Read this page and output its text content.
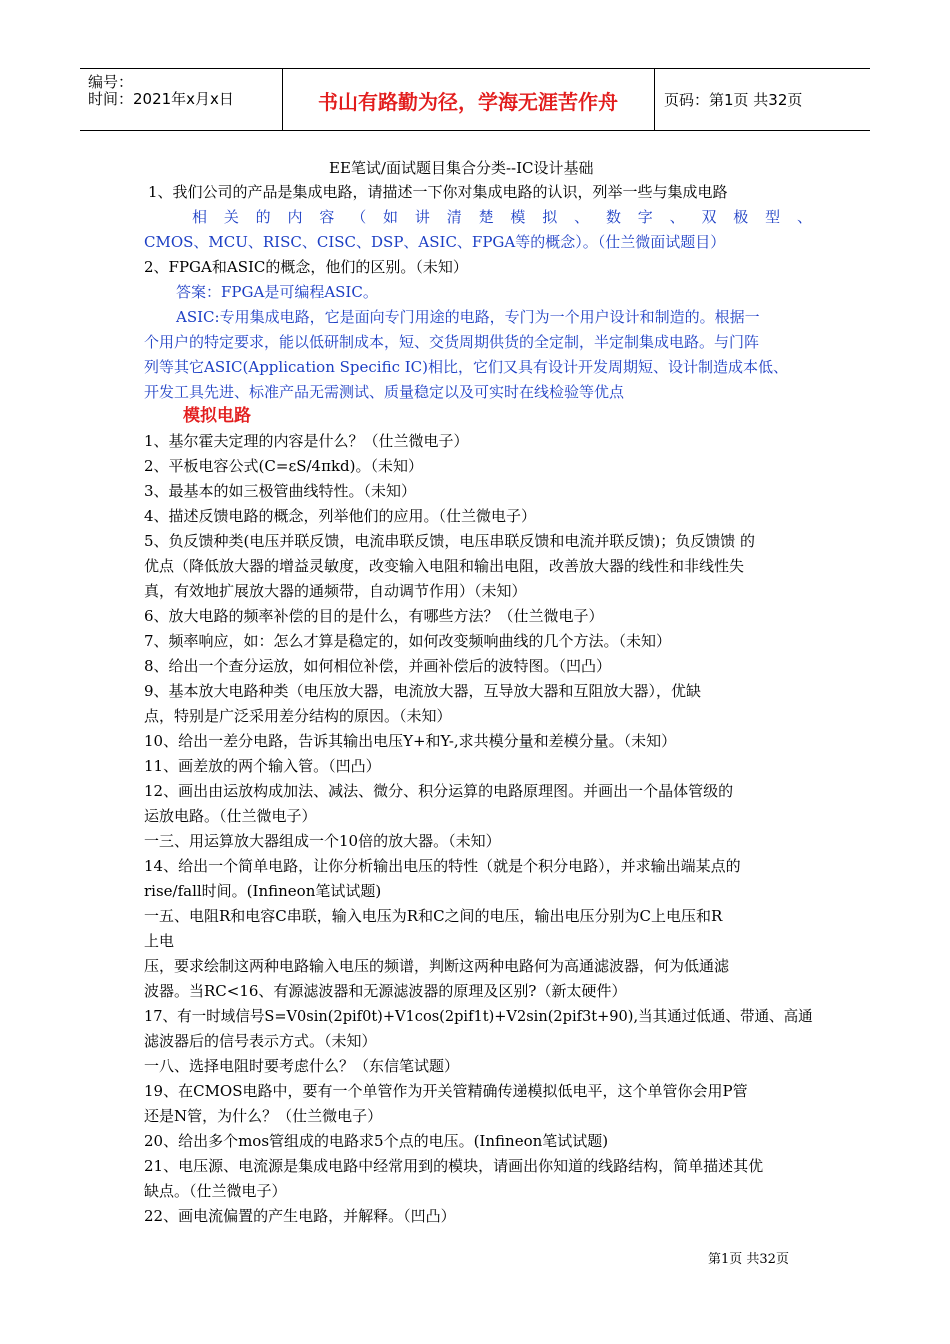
编号：
时间：2021年x月x日	书山有路勤为径，学海无涯苦作舟	页码：第1页 共32页
EE笔试/面试题目集合分类--IC设计基础
1、我们公司的产品是集成电路，请描述一下你对集成电路的认识，列举一些与集成电路
相关的内容（如讲清楚模拟、数字、双极型、
CMOS、MCU、RISC、CISC、DSP、ASIC、FPGA等的概念）。（仕兰微面试题目）
2、FPGA和ASIC的概念，他们的区别。（未知）
答案：FPGA是可编程ASIC。
ASIC:专用集成电路，它是面向专门用途的电路，专门为一个用户设计和制造的。根据一
个用户的特定要求，能以低研制成本，短、交货周期供货的全定制，半定制集成电路。与门阵
列等其它ASIC(Application Specific IC)相比，它们又具有设计开发周期短、设计制造成本低、
开发工具先进、标准产品无需测试、质量稳定以及可实时在线检验等优点
模拟电路
1、基尔霍夫定理的内容是什么？（仕兰微电子）
2、平板电容公式(C=εS/4πkd)。（未知）
3、最基本的如三极管曲线特性。（未知）
4、描述反馈电路的概念，列举他们的应用。（仕兰微电子）
5、负反馈种类(电压并联反馈，电流串联反馈，电压串联反馈和电流并联反馈)；负反馈馈 的
优点（降低放大器的增益灵敏度，改变输入电阻和输出电阻，改善放大器的线性和非线性失
真，有效地扩展放大器的通频带，自动调节作用）（未知）
6、放大电路的频率补偿的目的是什么，有哪些方法？（仕兰微电子）
7、频率响应，如：怎么才算是稳定的，如何改变频响曲线的几个方法。（未知）
8、给出一个查分运放，如何相位补偿，并画补偿后的波特图。（凹凸）
9、基本放大电路种类（电压放大器，电流放大器，互导放大器和互阻放大器），优缺
点，特别是广泛采用差分结构的原因。（未知）
10、给出一差分电路，告诉其输出电压Y+和Y-,求共模分量和差模分量。（未知）
11、画差放的两个输入管。（凹凸）
12、画出由运放构成加法、减法、微分、积分运算的电路原理图。并画出一个晶体管级的
运放电路。（仕兰微电子）
一三、用运算放大器组成一个10倍的放大器。（未知）
14、给出一个简单电路，让你分析输出电压的特性（就是个积分电路），并求输出端某点的
rise/fall时间。(Infineon笔试试题)
一五、电阻R和电容C串联，输入电压为R和C之间的电压，输出电压分别为C上电压和R
上电
压，要求绘制这两种电路输入电压的频谱，判断这两种电路何为高通滤波器，何为低通滤
波器。当RC<16、有源滤波器和无源滤波器的原理及区别?（新太硬件）
17、有一时域信号S=V0sin(2pif0t)+V1cos(2pif1t)+V2sin(2pif3t+90),当其通过低通、带通、高通
滤波器后的信号表示方式。（未知）
一八、选择电阻时要考虑什么？（东信笔试题）
19、在CMOS电路中，要有一个单管作为开关管精确传递模拟低电平，这个单管你会用P管
还是N管，为什么？（仕兰微电子）
20、给出多个mos管组成的电路求5个点的电压。(Infineon笔试试题)
21、电压源、电流源是集成电路中经常用到的模块，请画出你知道的线路结构，简单描述其优
缺点。（仕兰微电子）
22、画电流偏置的产生电路，并解释。（凹凸）
第1页 共32页
